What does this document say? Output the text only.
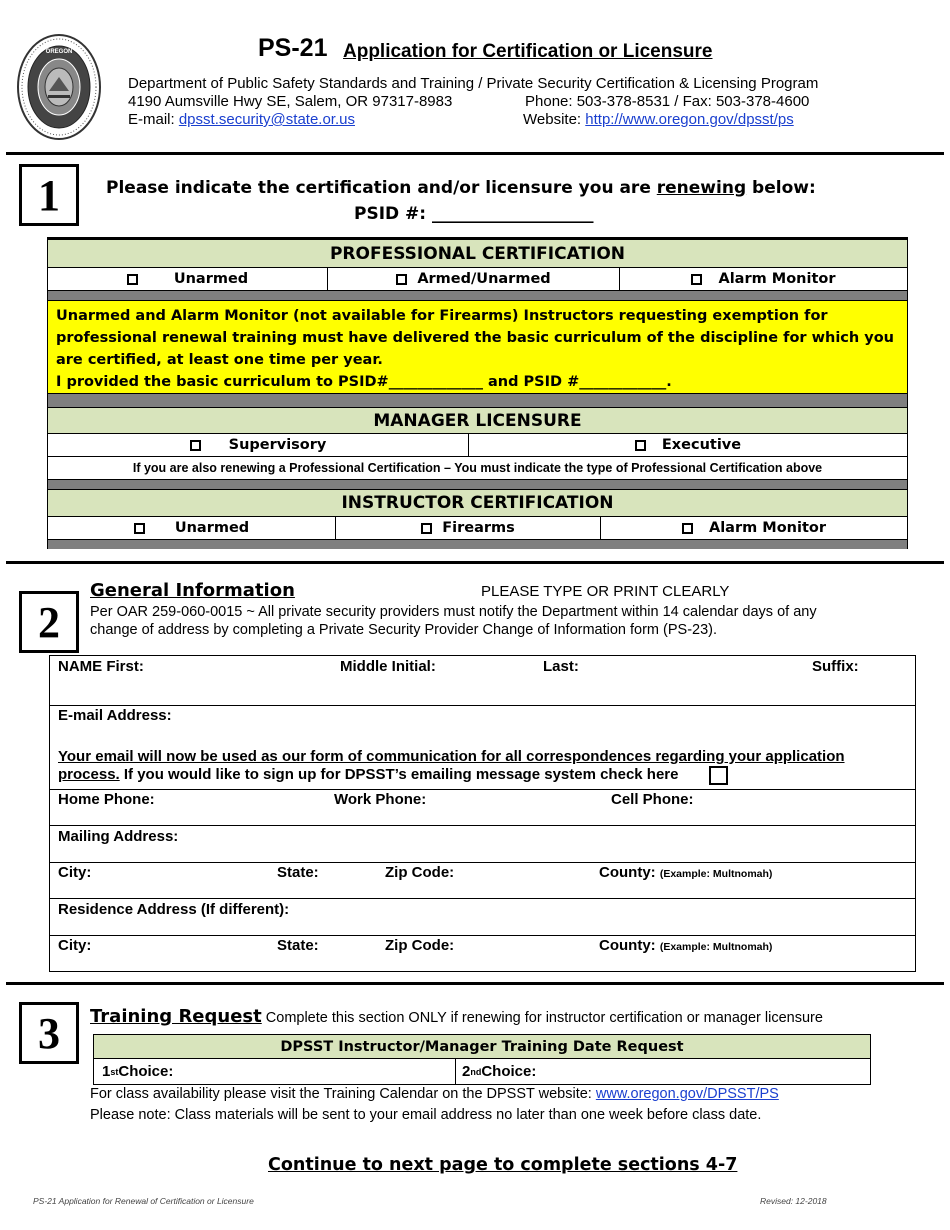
OREGON	PS-21 Application for Certification or Licensure
Department of Public Safety Standards and Training / Private Security Certification & Licensing Program
4190 Aumsville Hwy SE, Salem, OR 97317-8983	Phone: 503-378-8531 / Fax: 503-378-4600
E-mail: dpsst.security@state.or.us	Website: http://www.oregon.gov/dpsst/ps
1	Please indicate the certification and/or licensure you are renewing below:
PSID #: ___________________
PROFESSIONAL CERTIFICATION
Unarmed	Armed/Unarmed	Alarm Monitor
Unarmed and Alarm Monitor (not available for Firearms) Instructors requesting exemption for professional renewal training must have delivered the basic curriculum of the discipline for which you are certified, at least one time per year.
I provided the basic curriculum to PSID#_____________ and PSID #____________.
MANAGER LICENSURE
Supervisory	Executive
If you are also renewing a Professional Certification – You must indicate the type of Professional Certification above
INSTRUCTOR CERTIFICATION
Unarmed	Firearms	Alarm Monitor
2
General Information	PLEASE TYPE OR PRINT CLEARLY
Per OAR 259-060-0015 ~ All private security providers must notify the Department within 14 calendar days of any
change of address by completing a Private Security Provider Change of Information form (PS-23).
NAME First:	Middle Initial:	Last:	Suffix:
E-mail Address:
Your email will now be used as our form of communication for all correspondences regarding your application
process. If you would like to sign up for DPSST’s emailing message system check here
Home Phone:	Work Phone:	Cell Phone:
Mailing Address:
City:	State:	Zip Code:	County: (Example: Multnomah)
Residence Address (If different):
City:	State:	Zip Code:	County: (Example: Multnomah)
3	Training Request Complete this section ONLY if renewing for instructor certification or manager licensure
DPSST Instructor/Manager Training Date Request
1 st Choice:	2 nd Choice:
For class availability please visit the Training Calendar on the DPSST website: www.oregon.gov/DPSST/PS
Please note: Class materials will be sent to your email address no later than one week before class date.
Continue to next page to complete sections 4-7
PS-21 Application for Renewal of Certification or Licensure	Revised: 12-2018
